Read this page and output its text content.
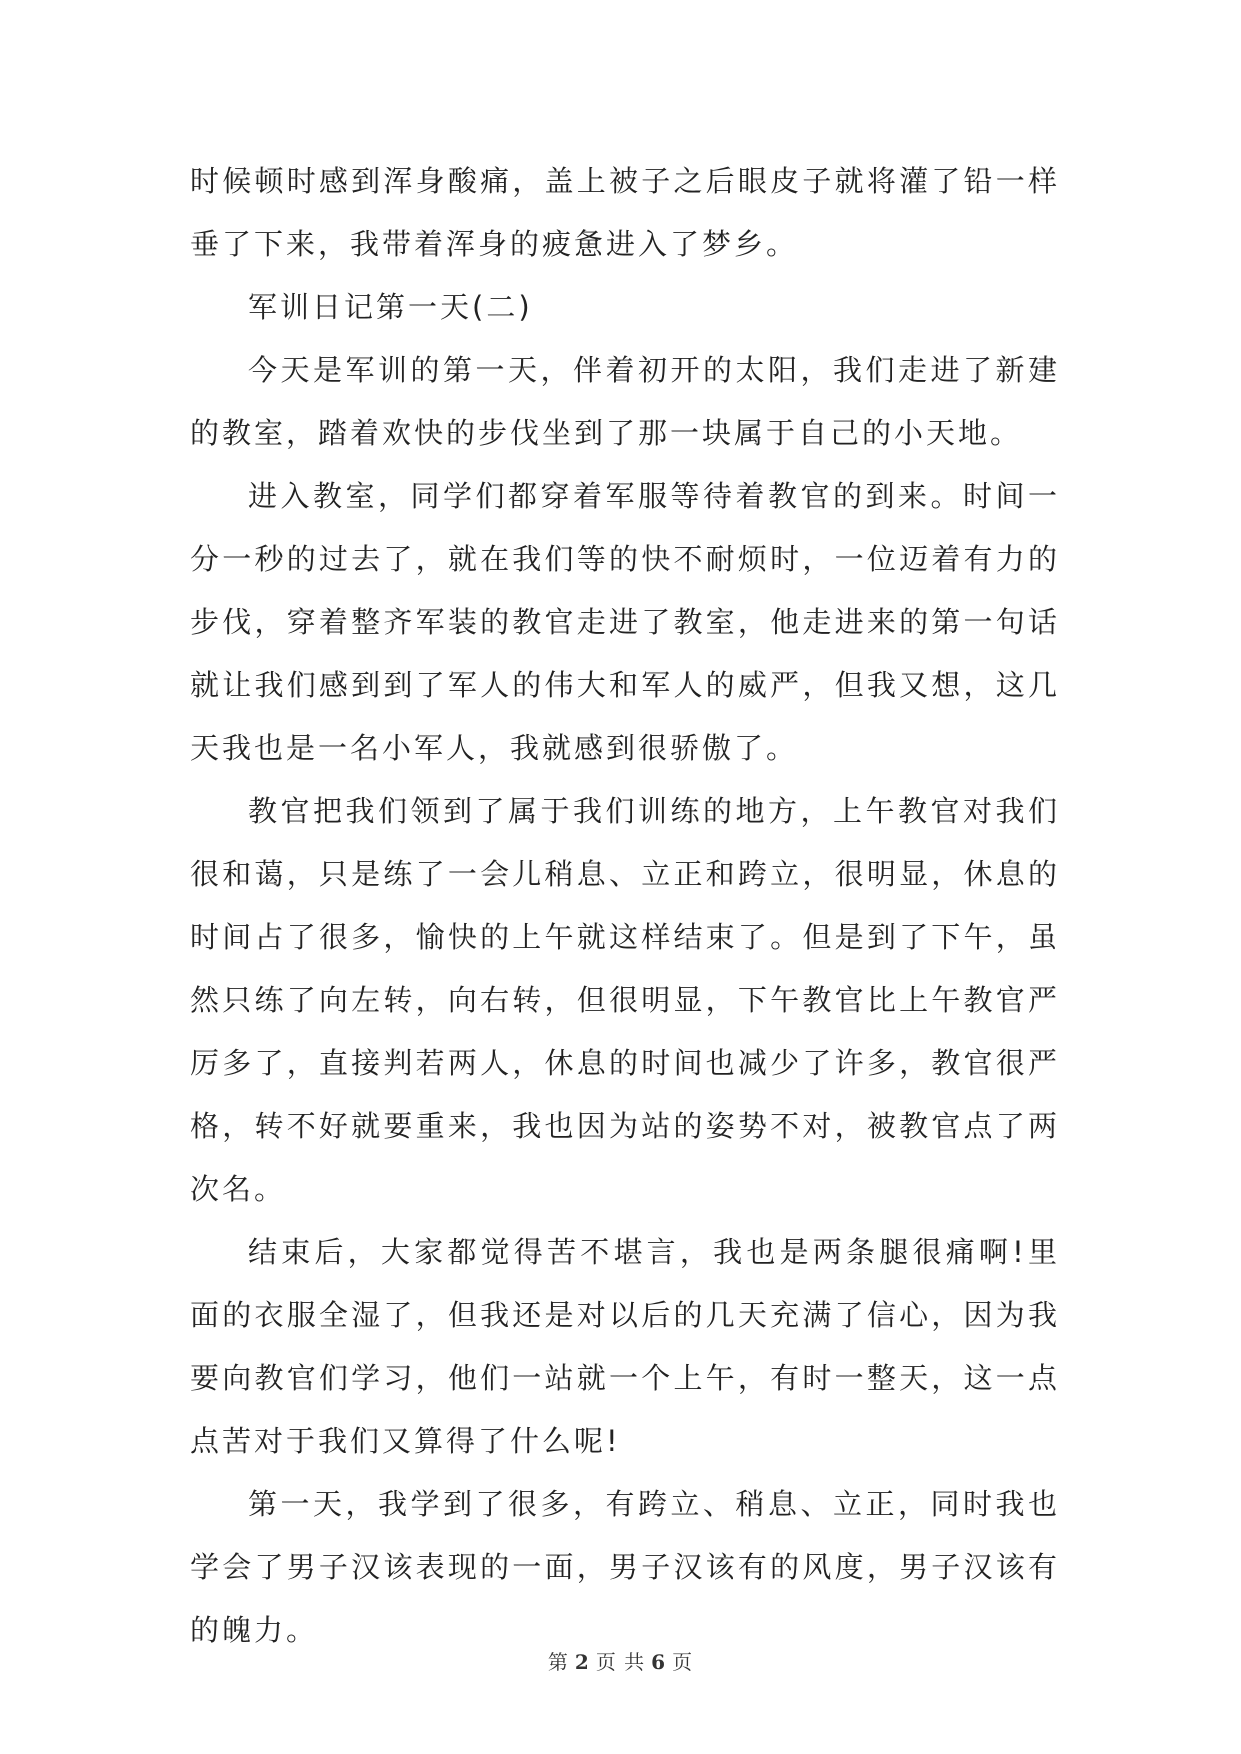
时候顿时感到浑身酸痛，盖上被子之后眼皮子就将灌了铅一样垂了下来，我带着浑身的疲惫进入了梦乡。

军训日记第一天(二)

今天是军训的第一天，伴着初开的太阳，我们走进了新建的教室，踏着欢快的步伐坐到了那一块属于自己的小天地。

进入教室，同学们都穿着军服等待着教官的到来。时间一分一秒的过去了，就在我们等的快不耐烦时，一位迈着有力的步伐，穿着整齐军装的教官走进了教室，他走进来的第一句话就让我们感到到了军人的伟大和军人的威严，但我又想，这几天我也是一名小军人，我就感到很骄傲了。

教官把我们领到了属于我们训练的地方，上午教官对我们很和蔼，只是练了一会儿稍息、立正和跨立，很明显，休息的时间占了很多，愉快的上午就这样结束了。但是到了下午，虽然只练了向左转，向右转，但很明显，下午教官比上午教官严厉多了，直接判若两人，休息的时间也减少了许多，教官很严格，转不好就要重来，我也因为站的姿势不对，被教官点了两次名。

结束后，大家都觉得苦不堪言，我也是两条腿很痛啊!里面的衣服全湿了，但我还是对以后的几天充满了信心，因为我要向教官们学习，他们一站就一个上午，有时一整天，这一点点苦对于我们又算得了什么呢!

第一天，我学到了很多，有跨立、稍息、立正，同时我也学会了男子汉该表现的一面，男子汉该有的风度，男子汉该有的魄力。

第 2 页 共 6 页
